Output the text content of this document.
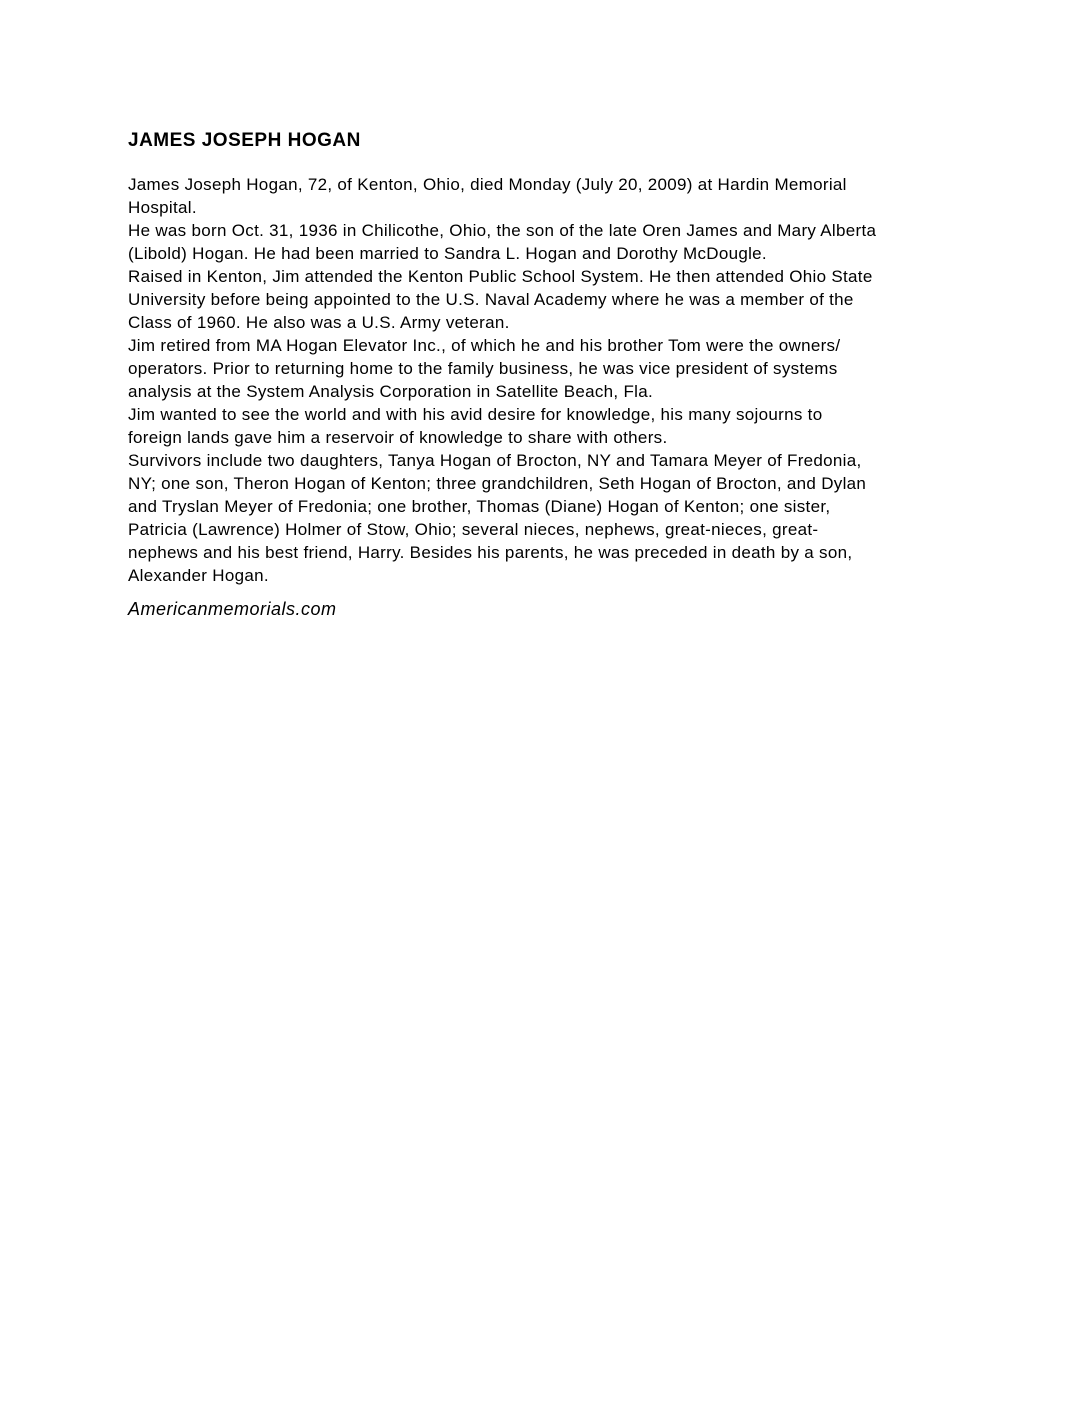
JAMES JOSEPH HOGAN
James Joseph Hogan, 72, of Kenton, Ohio, died Monday (July 20, 2009) at Hardin Memorial
Hospital.
He was born Oct. 31, 1936 in Chilicothe, Ohio, the son of the late Oren James and Mary Alberta
(Libold) Hogan. He had been married to Sandra L. Hogan and Dorothy McDougle.
Raised in Kenton, Jim attended the Kenton Public School System. He then attended Ohio State
University before being appointed to the U.S. Naval Academy where he was a member of the
Class of 1960. He also was a U.S. Army veteran.
Jim retired from MA Hogan Elevator Inc., of which he and his brother Tom were the owners/
operators. Prior to returning home to the family business, he was vice president of systems
analysis at the System Analysis Corporation in Satellite Beach, Fla.
Jim wanted to see the world and with his avid desire for knowledge, his many sojourns to
foreign lands gave him a reservoir of knowledge to share with others.
Survivors include two daughters, Tanya Hogan of Brocton, NY and Tamara Meyer of Fredonia,
NY; one son, Theron Hogan of Kenton; three grandchildren, Seth Hogan of Brocton, and Dylan
and Tryslan Meyer of Fredonia; one brother, Thomas (Diane) Hogan of Kenton; one sister,
Patricia (Lawrence) Holmer of Stow, Ohio; several nieces, nephews, great-nieces, great-
nephews and his best friend, Harry. Besides his parents, he was preceded in death by a son,
Alexander Hogan.
Americanmemorials.com
